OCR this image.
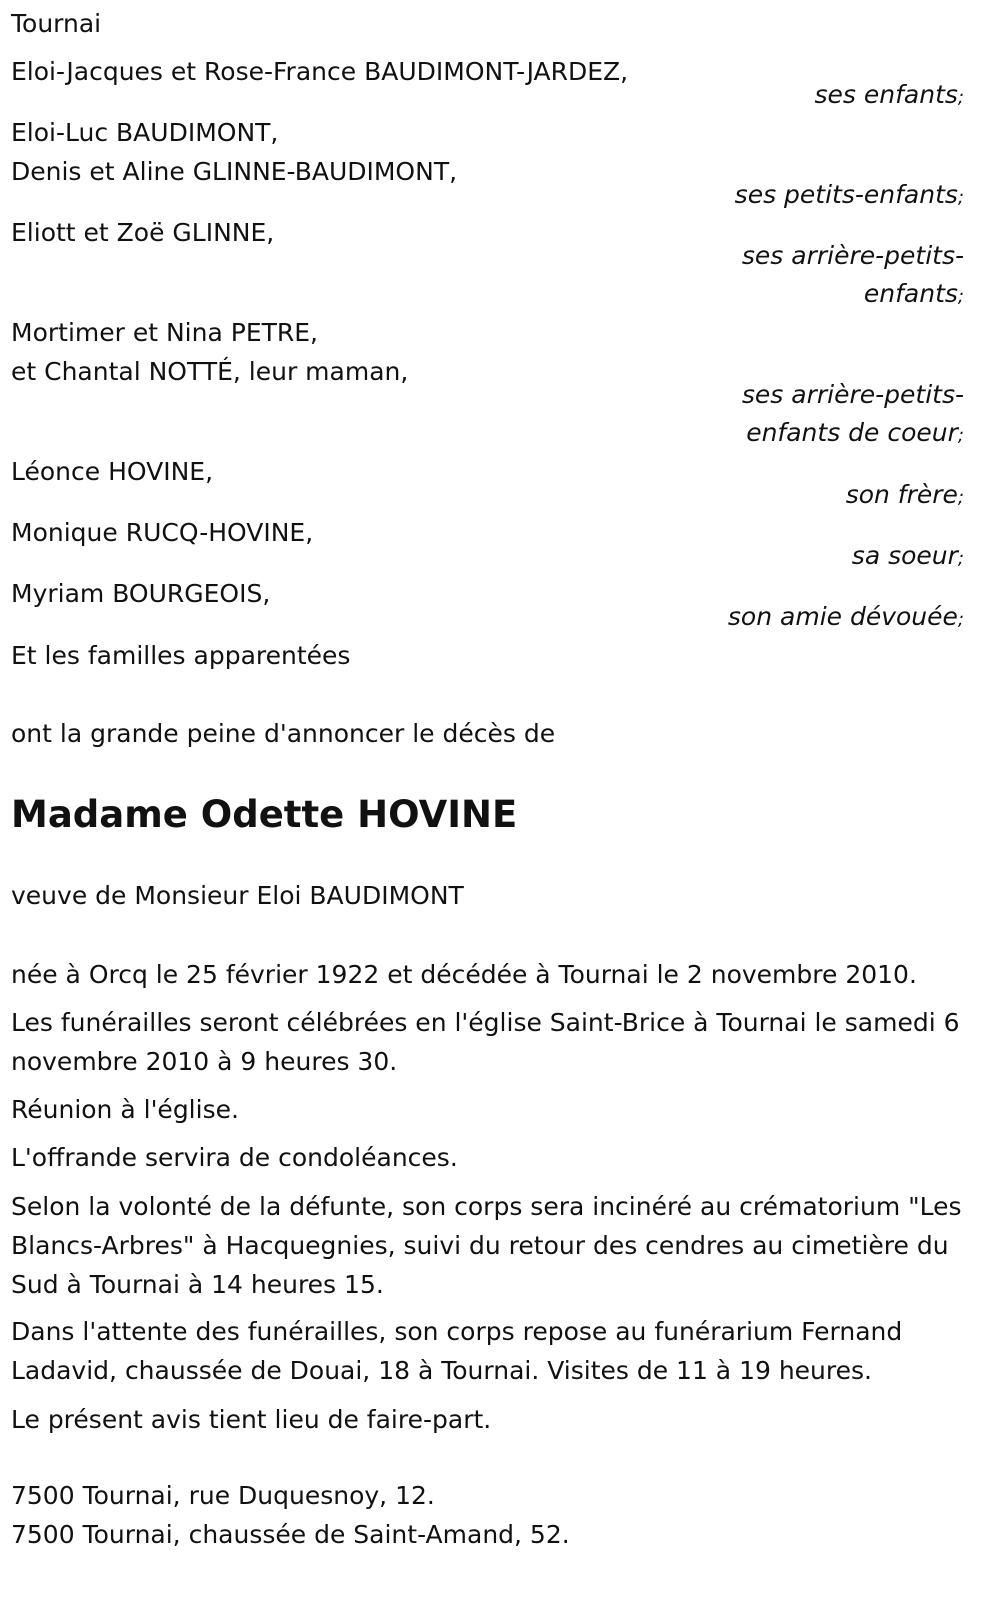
Tournai
Eloi-Jacques et Rose-France BAUDIMONT-JARDEZ,
ses enfants;
Eloi-Luc BAUDIMONT,
Denis et Aline GLINNE-BAUDIMONT,
ses petits-enfants;
Eliott et Zoë GLINNE,
ses arrière-petits-
enfants;
Mortimer et Nina PETRE,
et Chantal NOTTÉ, leur maman,
ses arrière-petits-
enfants de coeur;
Léonce HOVINE,
son frère;
Monique RUCQ-HOVINE,
sa soeur;
Myriam BOURGEOIS,
son amie dévouée;
Et les familles apparentées
ont la grande peine d'annoncer le décès de
Madame Odette HOVINE
veuve de Monsieur Eloi BAUDIMONT
née à Orcq le 25 février 1922 et décédée à Tournai le 2 novembre 2010.
Les funérailles seront célébrées en l'église Saint-Brice à Tournai le samedi 6 novembre 2010 à 9 heures 30.
Réunion à l'église.
L'offrande servira de condoléances.
Selon la volonté de la défunte, son corps sera incinéré au crématorium "Les Blancs-Arbres" à Hacquegnies, suivi du retour des cendres au cimetière du Sud à Tournai à 14 heures 15.
Dans l'attente des funérailles, son corps repose au funérarium Fernand Ladavid, chaussée de Douai, 18 à Tournai. Visites de 11 à 19 heures.
Le présent avis tient lieu de faire-part.
7500 Tournai, rue Duquesnoy, 12.
7500 Tournai, chaussée de Saint-Amand, 52.
